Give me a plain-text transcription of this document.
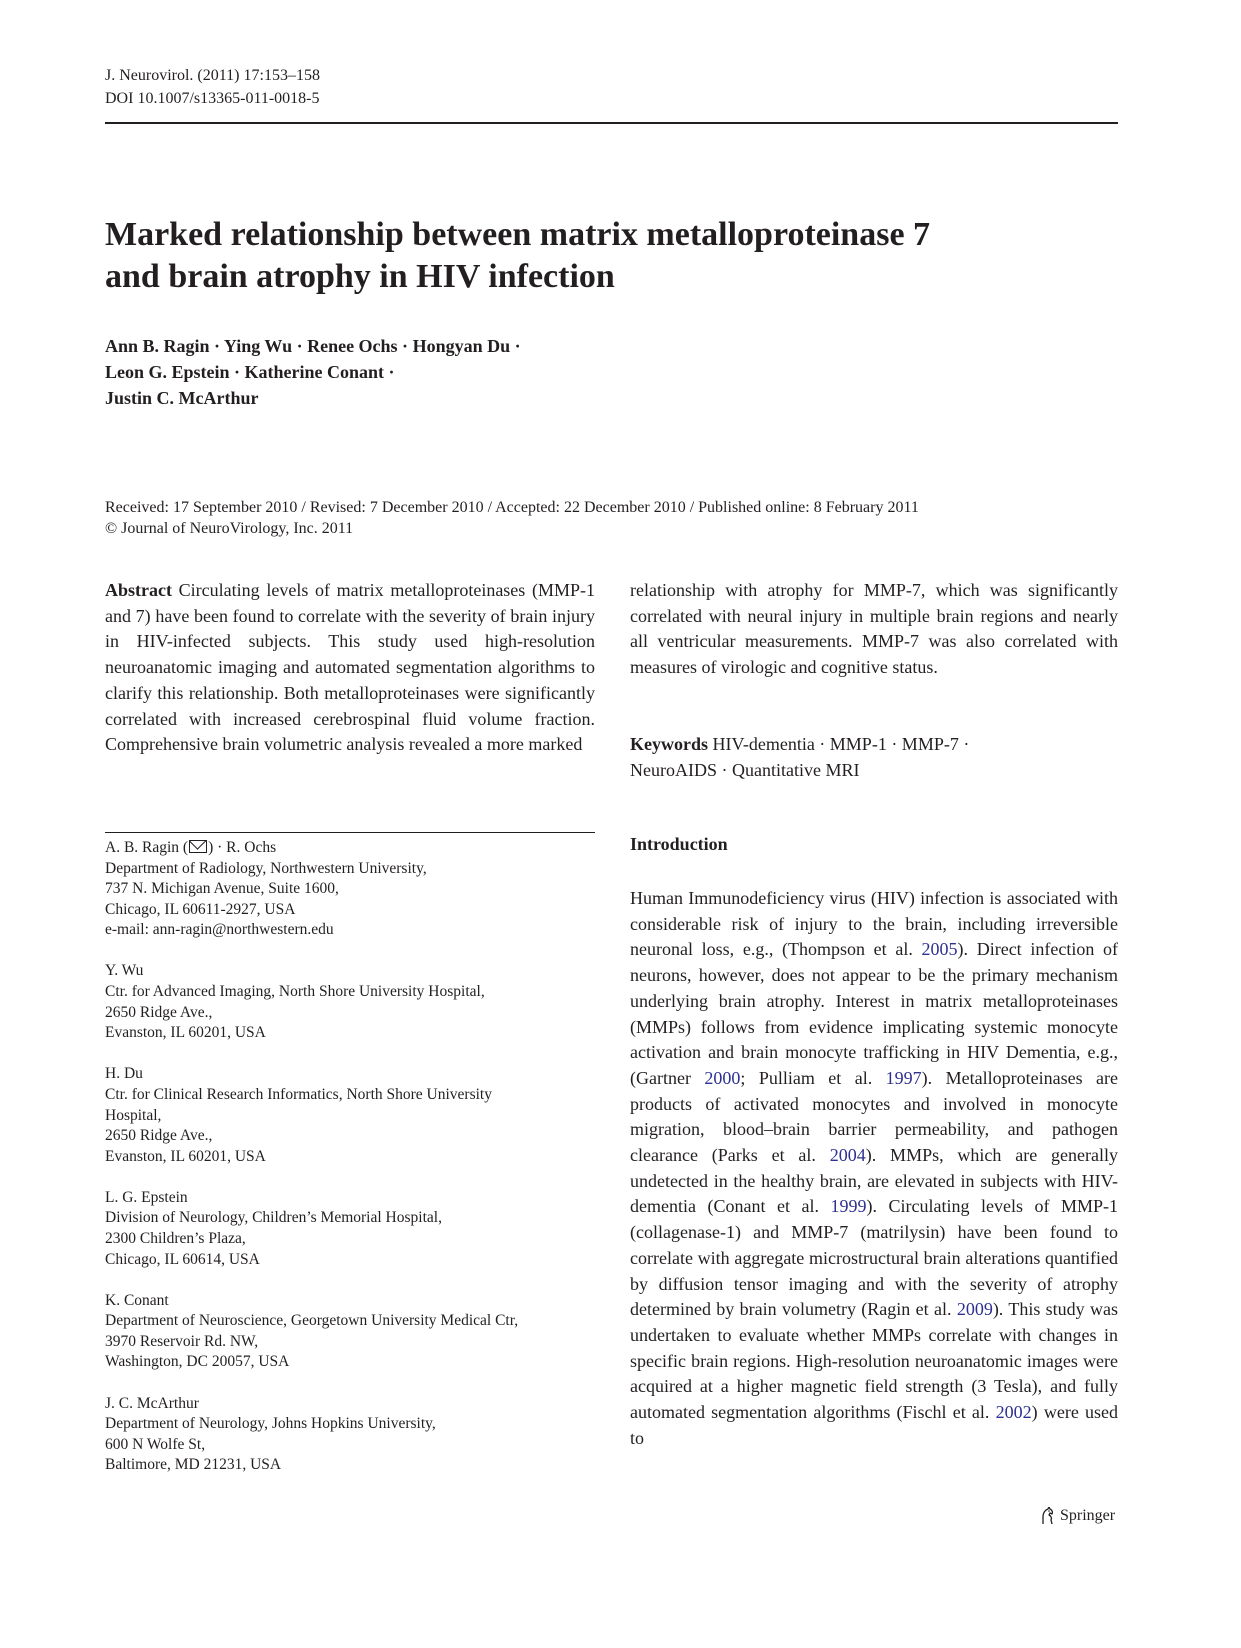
J. Neurovirol. (2011) 17:153–158
DOI 10.1007/s13365-011-0018-5
Marked relationship between matrix metalloproteinase 7
and brain atrophy in HIV infection
Ann B. Ragin · Ying Wu · Renee Ochs · Hongyan Du ·
Leon G. Epstein · Katherine Conant ·
Justin C. McArthur
Received: 17 September 2010 / Revised: 7 December 2010 / Accepted: 22 December 2010 / Published online: 8 February 2011
© Journal of NeuroVirology, Inc. 2011
Abstract Circulating levels of matrix metalloproteinases (MMP-1 and 7) have been found to correlate with the severity of brain injury in HIV-infected subjects. This study used high-resolution neuroanatomic imaging and automated segmentation algorithms to clarify this relationship. Both metalloproteinases were significantly correlated with increased cerebrospinal fluid volume fraction. Comprehensive brain volumetric analysis revealed a more marked
relationship with atrophy for MMP-7, which was significantly correlated with neural injury in multiple brain regions and nearly all ventricular measurements. MMP-7 was also correlated with measures of virologic and cognitive status.
Keywords HIV-dementia · MMP-1 · MMP-7 ·
NeuroAIDS · Quantitative MRI
A. B. Ragin ( ) · R. Ochs
Department of Radiology, Northwestern University,
737 N. Michigan Avenue, Suite 1600,
Chicago, IL 60611-2927, USA
e-mail: ann-ragin@northwestern.edu
Y. Wu
Ctr. for Advanced Imaging, North Shore University Hospital,
2650 Ridge Ave.,
Evanston, IL 60201, USA
H. Du
Ctr. for Clinical Research Informatics, North Shore University
Hospital,
2650 Ridge Ave.,
Evanston, IL 60201, USA
L. G. Epstein
Division of Neurology, Children’s Memorial Hospital,
2300 Children’s Plaza,
Chicago, IL 60614, USA
K. Conant
Department of Neuroscience, Georgetown University Medical Ctr,
3970 Reservoir Rd. NW,
Washington, DC 20057, USA
J. C. McArthur
Department of Neurology, Johns Hopkins University,
600 N Wolfe St,
Baltimore, MD 21231, USA
Introduction
Human Immunodeficiency virus (HIV) infection is associated with considerable risk of injury to the brain, including irreversible neuronal loss, e.g., (Thompson et al. 2005). Direct infection of neurons, however, does not appear to be the primary mechanism underlying brain atrophy. Interest in matrix metalloproteinases (MMPs) follows from evidence implicating systemic monocyte activation and brain monocyte trafficking in HIV Dementia, e.g., (Gartner 2000; Pulliam et al. 1997). Metalloproteinases are products of activated monocytes and involved in monocyte migration, blood–brain barrier permeability, and pathogen clearance (Parks et al. 2004). MMPs, which are generally undetected in the healthy brain, are elevated in subjects with HIV-dementia (Conant et al. 1999). Circulating levels of MMP-1 (collagenase-1) and MMP-7 (matrilysin) have been found to correlate with aggregate microstructural brain alterations quantified by diffusion tensor imaging and with the severity of atrophy determined by brain volumetry (Ragin et al. 2009). This study was undertaken to evaluate whether MMPs correlate with changes in specific brain regions. High-resolution neuroanatomic images were acquired at a higher magnetic field strength (3 Tesla), and fully automated segmentation algorithms (Fischl et al. 2002) were used to
Springer
